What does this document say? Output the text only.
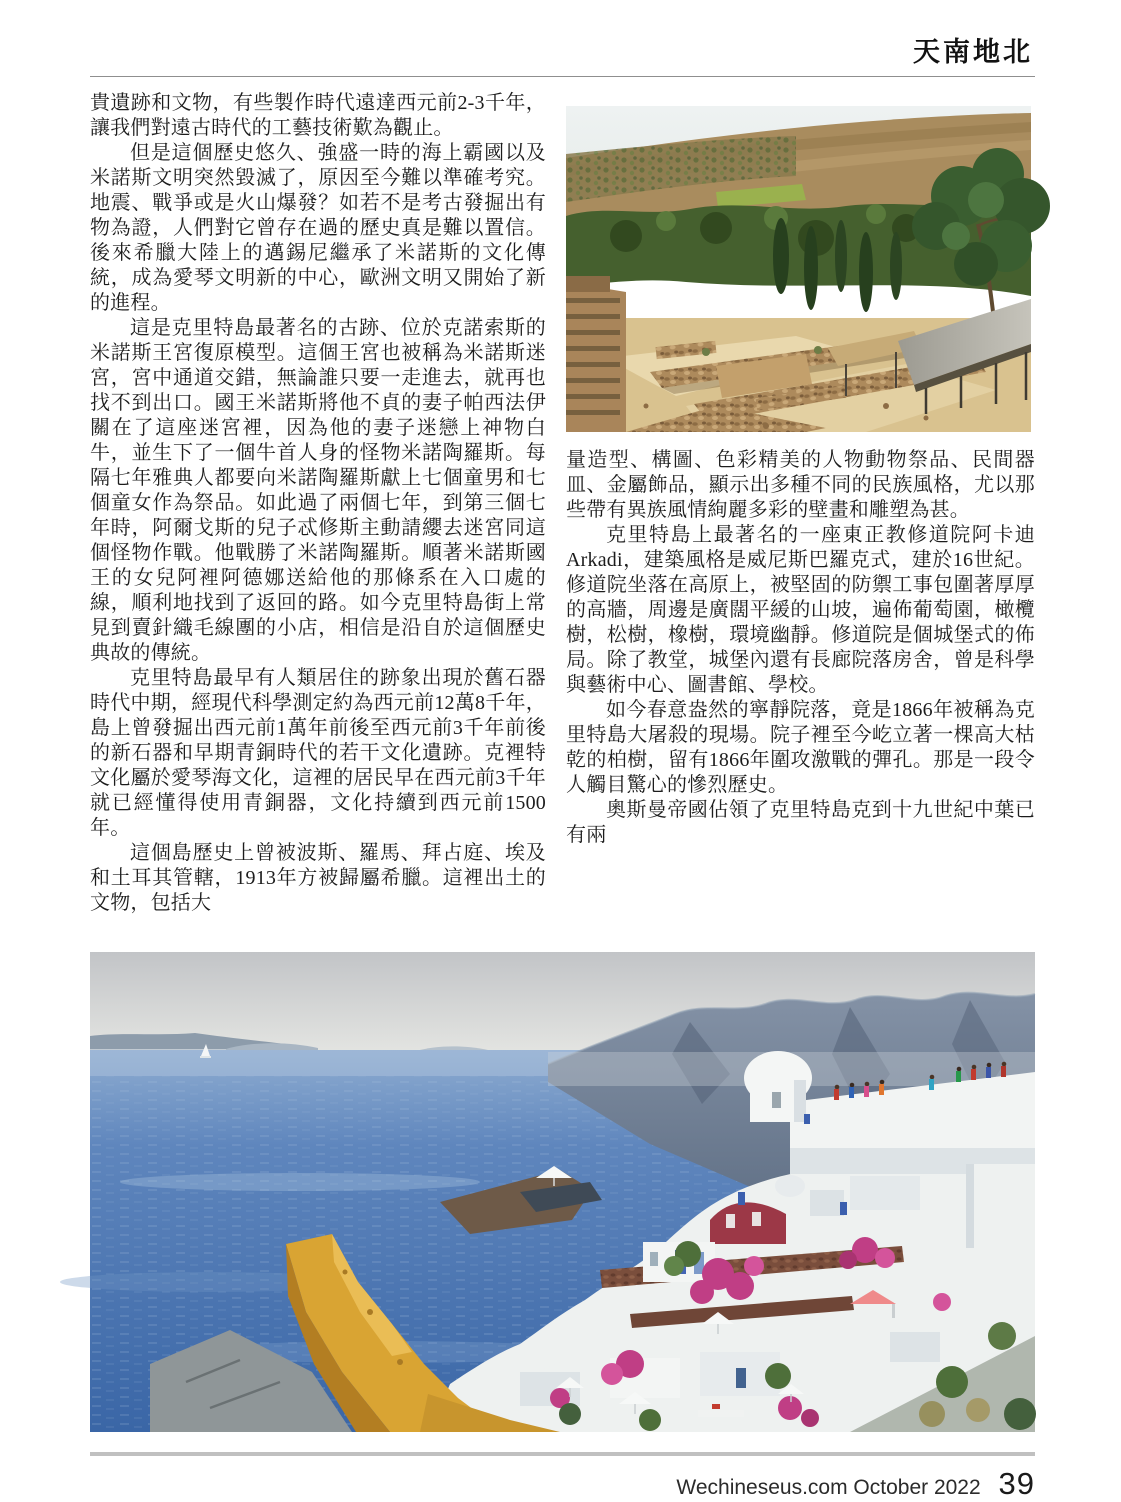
天南地北

貴遺跡和文物，有些製作時代遠達西元前2-3千年，讓我們對遠古時代的工藝技術歎為觀止。

但是這個歷史悠久、強盛一時的海上霸國以及米諾斯文明突然毀滅了，原因至今難以準確考究。地震、戰爭或是火山爆發？如若不是考古發掘出有物為證，人們對它曾存在過的歷史真是難以置信。後來希臘大陸上的邁錫尼繼承了米諾斯的文化傳統，成為愛琴文明新的中心，歐洲文明又開始了新的進程。

這是克里特島最著名的古跡、位於克諾索斯的米諾斯王宮復原模型。這個王宮也被稱為米諾斯迷宮，宮中通道交錯，無論誰只要一走進去，就再也找不到出口。國王米諾斯將他不貞的妻子帕西法伊關在了這座迷宮裡，因為他的妻子迷戀上神物白牛，並生下了一個牛首人身的怪物米諾陶羅斯。每隔七年雅典人都要向米諾陶羅斯獻上七個童男和七個童女作為祭品。如此過了兩個七年，到第三個七年時，阿爾戈斯的兒子忒修斯主動請纓去迷宮同這個怪物作戰。他戰勝了米諾陶羅斯。順著米諾斯國王的女兒阿裡阿德娜送給他的那條系在入口處的線，順利地找到了返回的路。如今克里特島街上常見到賣針織毛線團的小店，相信是沿自於這個歷史典故的傳統。

克里特島最早有人類居住的跡象出現於舊石器時代中期，經現代科學測定約為西元前12萬8千年，島上曾發掘出西元前1萬年前後至西元前3千年前後的新石器和早期青銅時代的若干文化遺跡。克裡特文化屬於愛琴海文化，這裡的居民早在西元前3千年就已經懂得使用青銅器，文化持續到西元前1500年。

這個島歷史上曾被波斯、羅馬、拜占庭、埃及和土耳其管轄，1913年方被歸屬希臘。這裡出土的文物，包括大

量造型、構圖、色彩精美的人物動物祭品、民間器皿、金屬飾品，顯示出多種不同的民族風格，尤以那些帶有異族風情絢麗多彩的壁畫和雕塑為甚。

克里特島上最著名的一座東正教修道院阿卡迪　Arkadi，建築風格是威尼斯巴羅克式，建於16世紀。修道院坐落在高原上，被堅固的防禦工事包圍著厚厚的高牆，周邊是廣闊平緩的山坡，遍佈葡萄園，橄欖樹，松樹，橡樹，環境幽靜。修道院是個城堡式的佈局。除了教堂，城堡內還有長廊院落房舍，曾是科學與藝術中心、圖書館、學校。

如今春意盎然的寧靜院落，竟是1866年被稱為克里特島大屠殺的現場。院子裡至今屹立著一棵高大枯乾的柏樹，留有1866年圍攻激戰的彈孔。那是一段令人觸目驚心的慘烈歷史。

奧斯曼帝國佔領了克里特島克到十九世紀中葉已有兩

Wechineseus.com October 2022 39
